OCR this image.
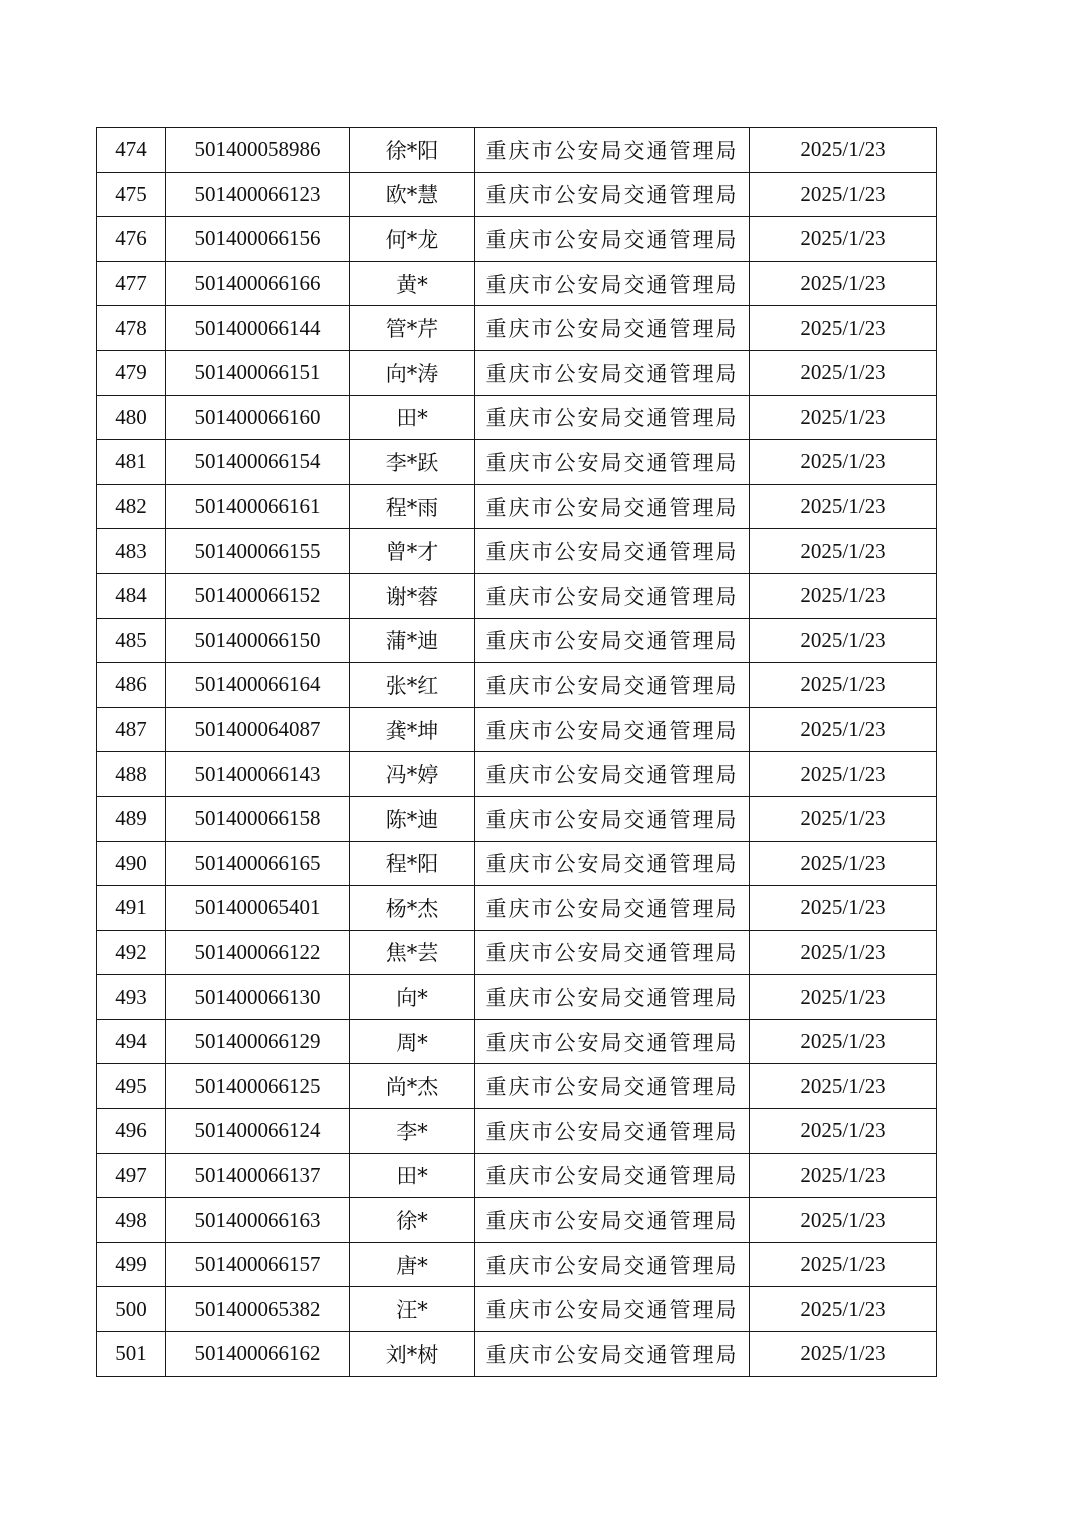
474	501400058986	徐*阳	重庆市公安局交通管理局	2025/1/23
475	501400066123	欧*慧	重庆市公安局交通管理局	2025/1/23
476	501400066156	何*龙	重庆市公安局交通管理局	2025/1/23
477	501400066166	黄*	重庆市公安局交通管理局	2025/1/23
478	501400066144	管*芹	重庆市公安局交通管理局	2025/1/23
479	501400066151	向*涛	重庆市公安局交通管理局	2025/1/23
480	501400066160	田*	重庆市公安局交通管理局	2025/1/23
481	501400066154	李*跃	重庆市公安局交通管理局	2025/1/23
482	501400066161	程*雨	重庆市公安局交通管理局	2025/1/23
483	501400066155	曾*才	重庆市公安局交通管理局	2025/1/23
484	501400066152	谢*蓉	重庆市公安局交通管理局	2025/1/23
485	501400066150	蒲*迪	重庆市公安局交通管理局	2025/1/23
486	501400066164	张*红	重庆市公安局交通管理局	2025/1/23
487	501400064087	龚*坤	重庆市公安局交通管理局	2025/1/23
488	501400066143	冯*婷	重庆市公安局交通管理局	2025/1/23
489	501400066158	陈*迪	重庆市公安局交通管理局	2025/1/23
490	501400066165	程*阳	重庆市公安局交通管理局	2025/1/23
491	501400065401	杨*杰	重庆市公安局交通管理局	2025/1/23
492	501400066122	焦*芸	重庆市公安局交通管理局	2025/1/23
493	501400066130	向*	重庆市公安局交通管理局	2025/1/23
494	501400066129	周*	重庆市公安局交通管理局	2025/1/23
495	501400066125	尚*杰	重庆市公安局交通管理局	2025/1/23
496	501400066124	李*	重庆市公安局交通管理局	2025/1/23
497	501400066137	田*	重庆市公安局交通管理局	2025/1/23
498	501400066163	徐*	重庆市公安局交通管理局	2025/1/23
499	501400066157	唐*	重庆市公安局交通管理局	2025/1/23
500	501400065382	汪*	重庆市公安局交通管理局	2025/1/23
501	501400066162	刘*树	重庆市公安局交通管理局	2025/1/23
